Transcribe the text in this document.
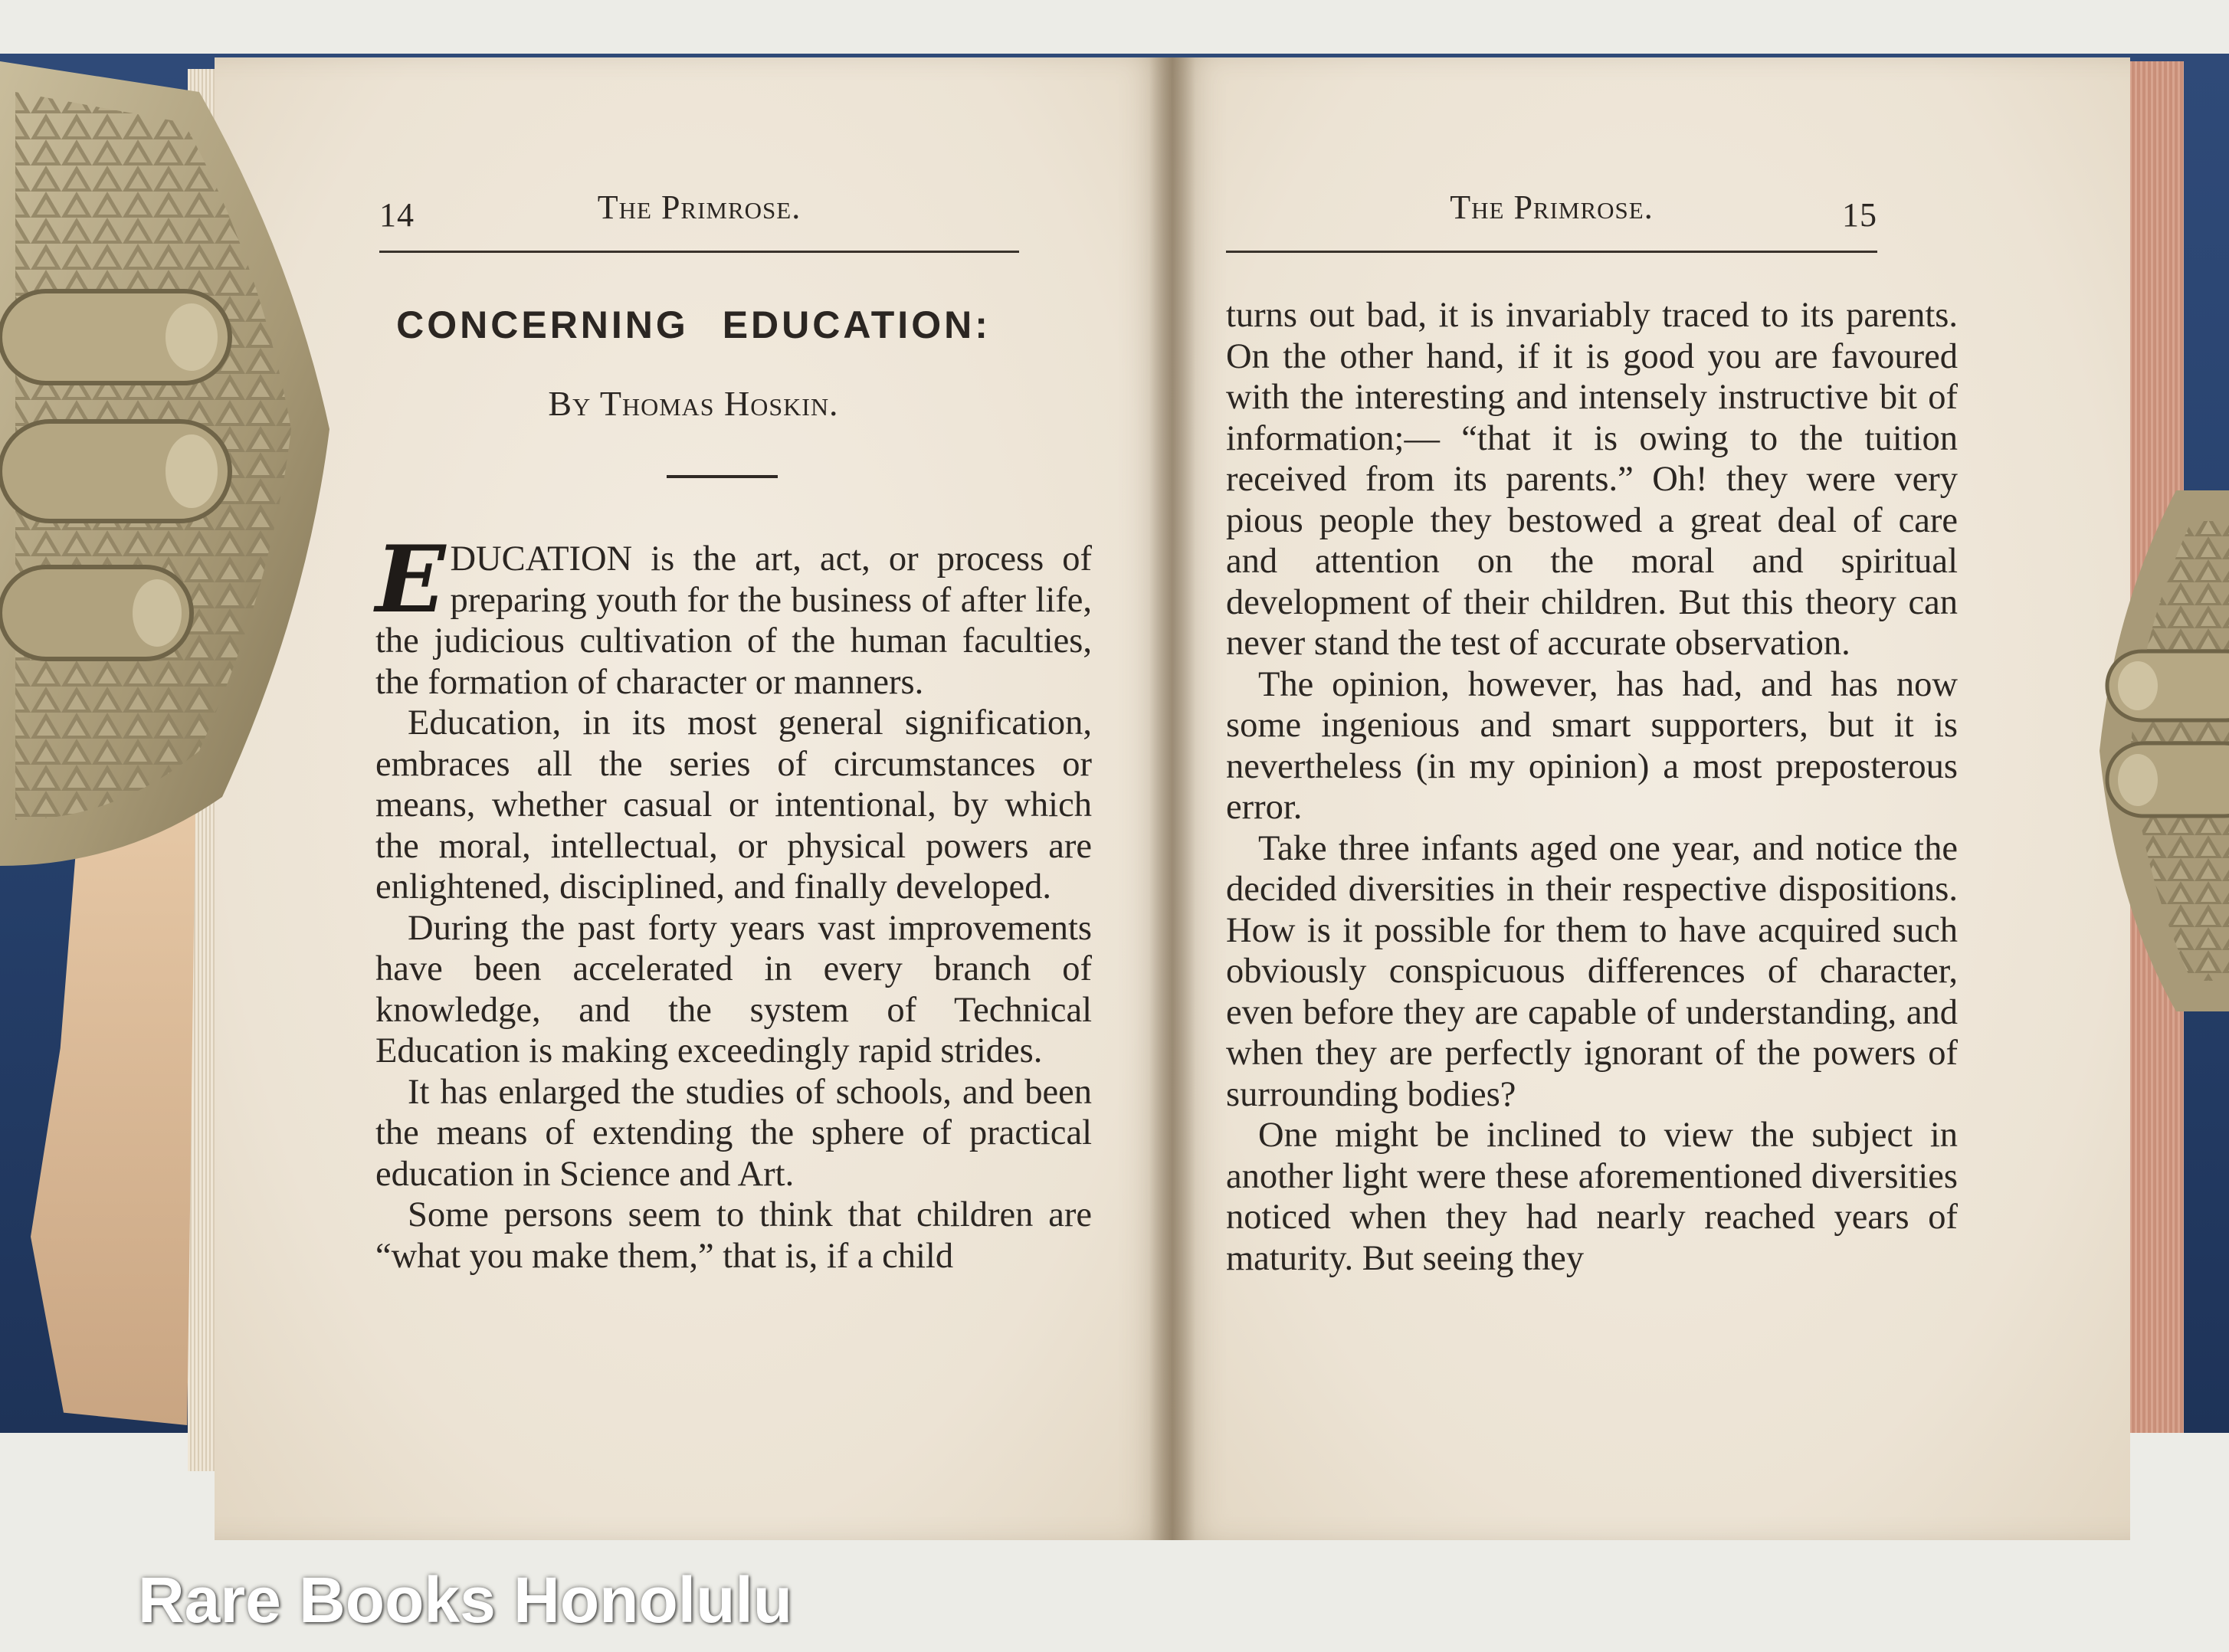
14	The Primrose.
CONCERNING EDUCATION:
By Thomas Hoskin.

EDUCATION is the art, act, or process of preparing youth for the business of after life, the judicious cultivation of the human faculties, the formation of character or manners.

Education, in its most general signification, embraces all the series of circumstances or means, whether casual or intentional, by which the moral, intellectual, or physical powers are enlightened, disciplined, and finally developed.

During the past forty years vast improvements have been accelerated in every branch of knowledge, and the system of Technical Education is making exceedingly rapid strides.

It has enlarged the studies of schools, and been the means of extending the sphere of practical education in Science and Art.

Some persons seem to think that children are “what you make them,” that is, if a child

The Primrose.	15

turns out bad, it is invariably traced to its parents. On the other hand, if it is good you are favoured with the interesting and intensely instructive bit of information;— “that it is owing to the tuition received from its parents.” Oh! they were very pious people they bestowed a great deal of care and attention on the moral and spiritual development of their children. But this theory can never stand the test of accurate observation.

The opinion, however, has had, and has now some ingenious and smart supporters, but it is nevertheless (in my opinion) a most preposterous error.

Take three infants aged one year, and notice the decided diversities in their respective dispositions. How is it possible for them to have acquired such obviously conspicuous differences of character, even before they are capable of understanding, and when they are perfectly ignorant of the powers of surrounding bodies?

One might be inclined to view the subject in another light were these aforementioned diversities noticed when they had nearly reached years of maturity. But seeing they

Rare Books Honolulu
